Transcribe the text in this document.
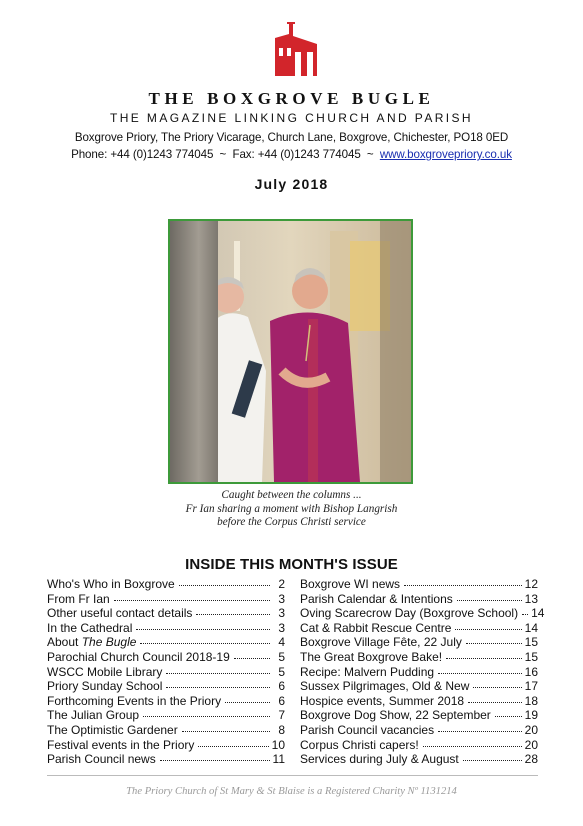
THE BOXGROVE BUGLE
THE MAGAZINE LINKING CHURCH AND PARISH
Boxgrove Priory, The Priory Vicarage, Church Lane, Boxgrove, Chichester, PO18 0ED
Phone: +44 (0)1243 774045  ~  Fax: +44 (0)1243 774045  ~  www.boxgrovepriory.co.uk
July 2018
Caught between the columns ...
Fr Ian sharing a moment with Bishop Langrish
before the Corpus Christi service
INSIDE THIS MONTH'S ISSUE
Who's Who in Boxgrove	2
From Fr Ian	3
Other useful contact details	3
In the Cathedral	3
About The Bugle	4
Parochial Church Council 2018-19	5
WSCC Mobile Library	5
Priory Sunday School	6
Forthcoming Events in the Priory	6
The Julian Group	7
The Optimistic Gardener	8
Festival events in the Priory	10
Parish Council news	11
Boxgrove WI news	12
Parish Calendar & Intentions	13
Oving Scarecrow Day (Boxgrove School) 14
Cat & Rabbit Rescue Centre	14
Boxgrove Village Fête, 22 July	15
The Great Boxgrove Bake!	15
Recipe: Malvern Pudding	16
Sussex Pilgrimages, Old & New	17
Hospice events, Summer 2018	18
Boxgrove Dog Show, 22 September	19
Parish Council vacancies	20
Corpus Christi capers!	20
Services during July & August	28
The Priory Church of St Mary & St Blaise is a Registered Charity Nº 1131214
